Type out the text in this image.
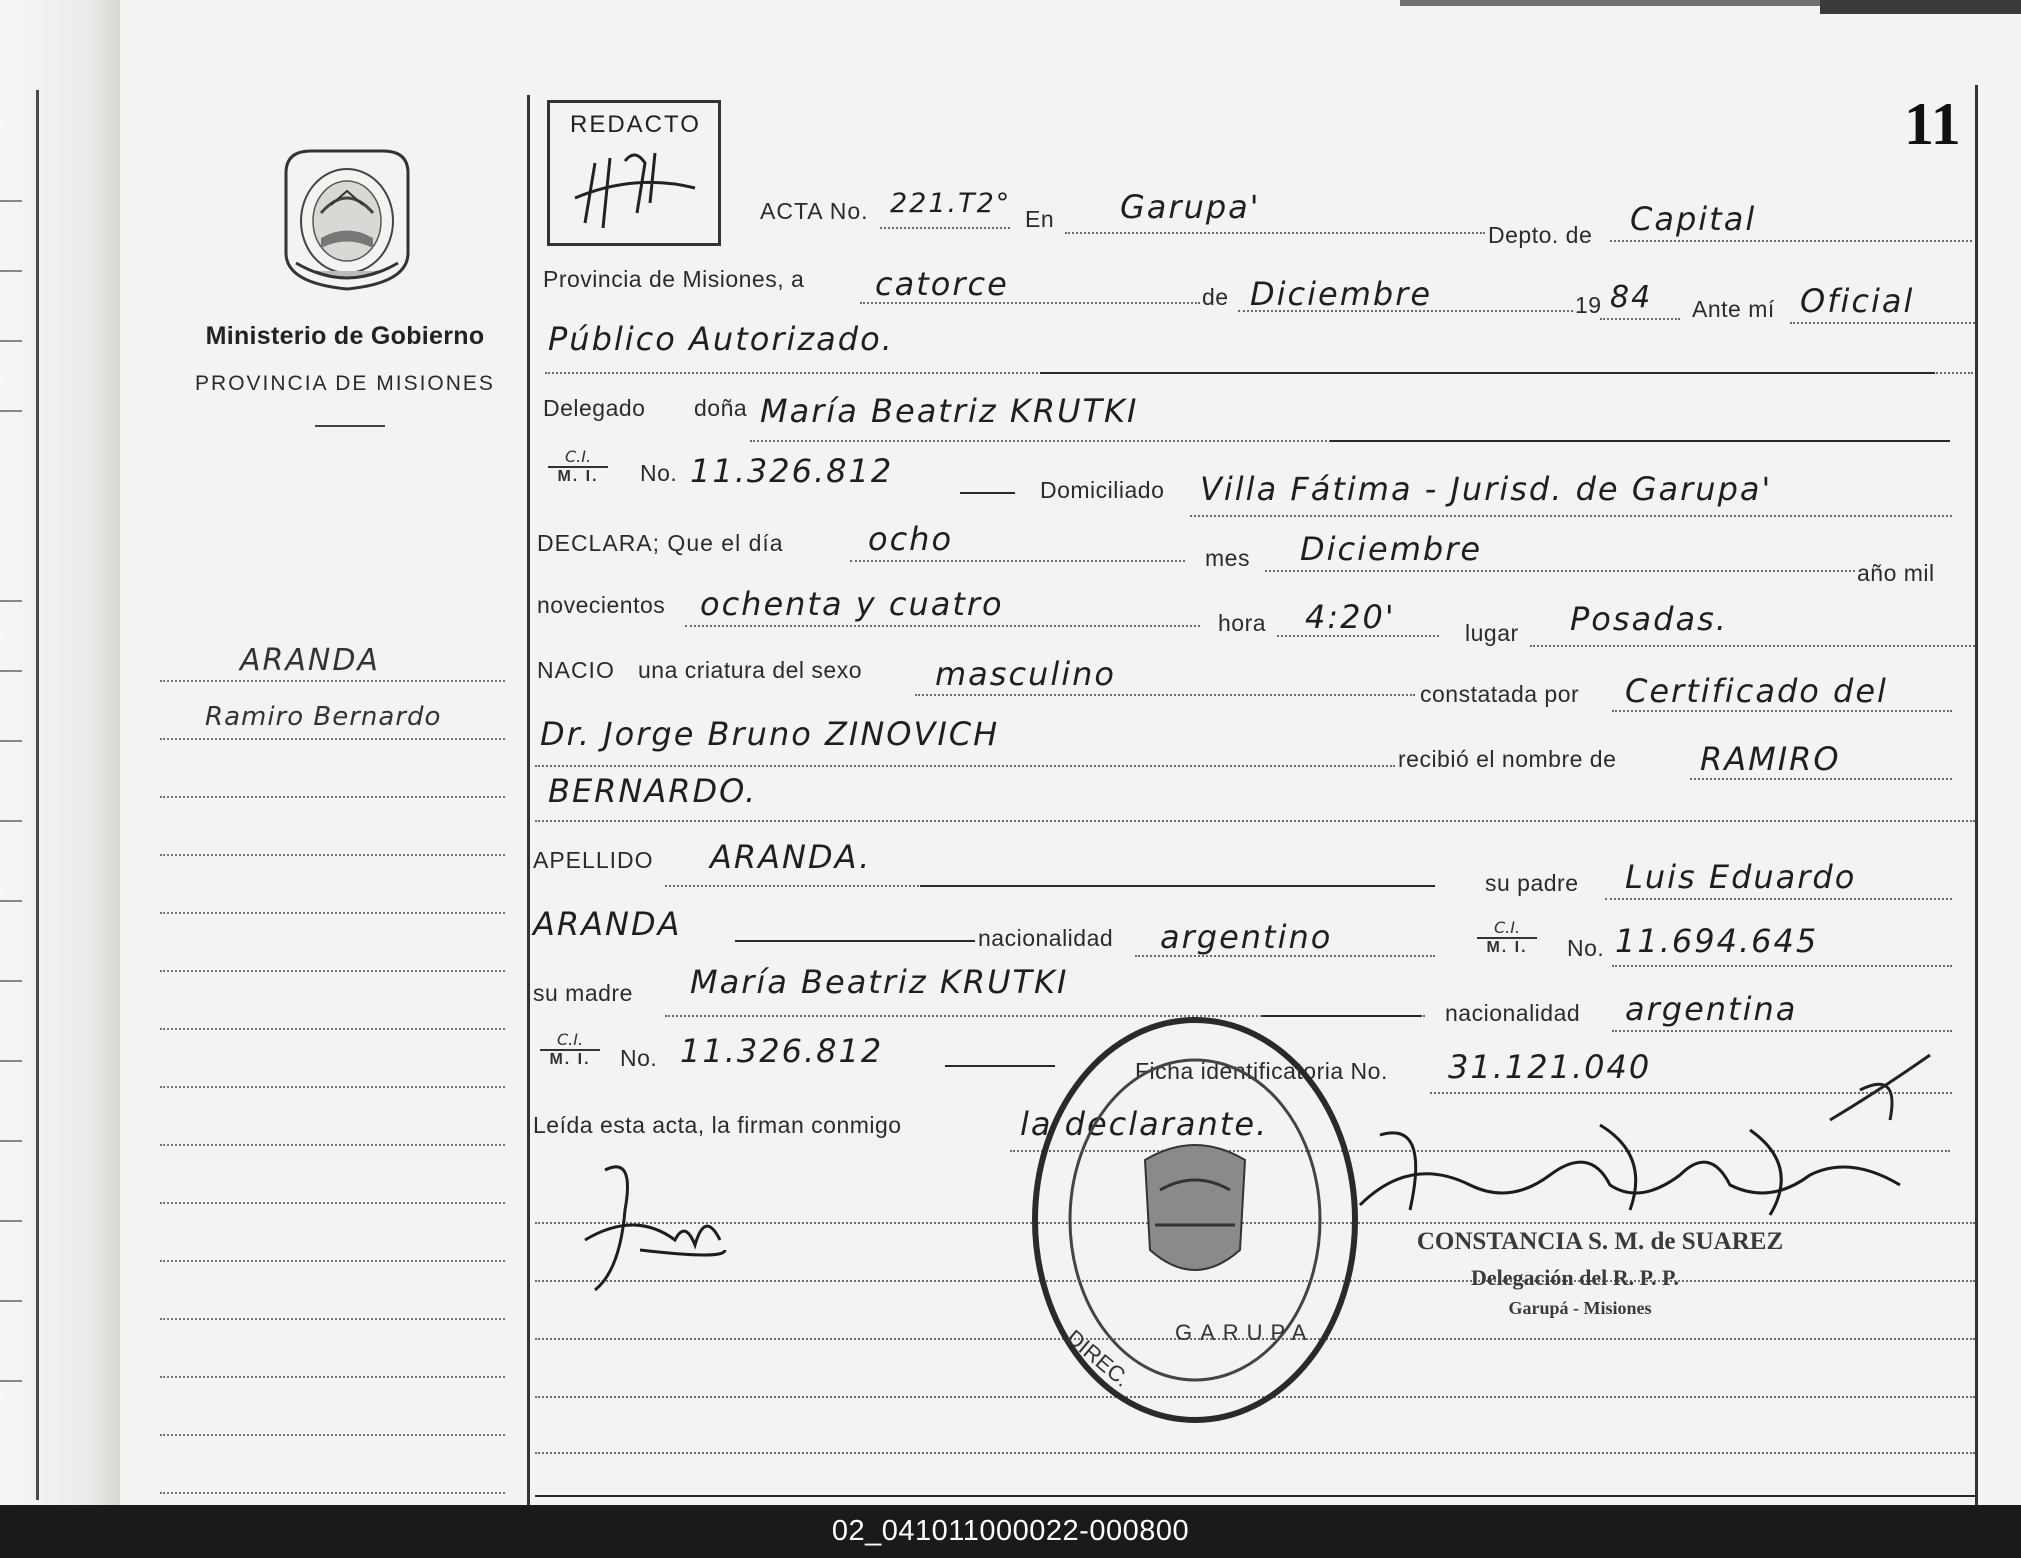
Ministerio de Gobierno
PROVINCIA DE MISIONES
ARANDA
Ramiro Bernardo
11
REDACTO
ACTA No. 221.T2° En Garupa'
Depto. de Capital
Provincia de Misiones, a catorce	de Diciembre	19 84 Ante mí Oficial
Público Autorizado.
Delegado doña María Beatriz KRUTKI
$\frac{C.I.}{M. I.} No$. 11.326.812	Domiciliado Villa Fátima - Jurisd. de Garupa'
DECLARA; Que el día	ocho	mes Diciembre
año mil
novecientos ochenta y cuatro	hora 4:20'	lugar Posadas.
NACIO una criatura del sexo masculino
constatada por Certificado del
Dr. Jorge Bruno ZINOVICH
recibió el nombre de	RAMIRO
BERNARDO.
APELLIDO ARANDA.
su padre Luis Eduardo
ARANDA	nacionalidad argentino	$\frac{C.I.}{M. I.} No$. 11.694.645
su madre María Beatriz KRUTKI
nacionalidad argentina
$\frac{C.I.}{M. I.} No$. 11.326.812
Ficha identificatoria No. 31.121.040
Leída esta acta, la firman conmigo	la declarante.
DIREC. GARUPA
CONSTANCIA S. M. de SUAREZ
Delegación del R. P. P.
Garupá - Misiones
02_041011000022-000800
